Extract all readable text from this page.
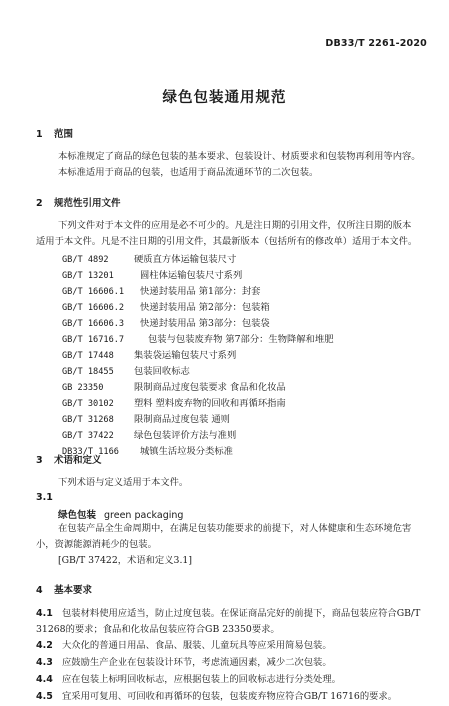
DB33/T 2261-2020
绿色包装通用规范
1 范围
本标准规定了商品的绿色包装的基本要求、包装设计、材质要求和包装物再利用等内容。
本标准适用于商品的包装，也适用于商品流通环节的二次包装。
2 规范性引用文件
下列文件对于本文件的应用是必不可少的。凡是注日期的引用文件，仅所注日期的版本
适用于本文件。凡是不注日期的引用文件，其最新版本（包括所有的修改单）适用于本文件。
GB/T 4892	硬质直方体运输包装尺寸
GB/T 13201	圆柱体运输包装尺寸系列
GB/T 16606.1 快递封装用品 第1部分：封套
GB/T 16606.2 快递封装用品 第2部分：包装箱
GB/T 16606.3 快递封装用品 第3部分：包装袋
GB/T 16716.7	包装与包装废弃物 第7部分：生物降解和堆肥
GB/T 17448 集装袋运输包装尺寸系列
GB/T 18455 包装回收标志
GB 23350	限制商品过度包装要求 食品和化妆品
GB/T 30102 塑料 塑料废弃物的回收和再循环指南
GB/T 31268 限制商品过度包装 通则
GB/T 37422 绿色包装评价方法与准则
DB33/T 1166 城镇生活垃圾分类标准
3 术语和定义
下列术语与定义适用于本文件。
3.1
绿色包装 green packaging
在包装产品全生命周期中，在满足包装功能要求的前提下，对人体健康和生态环境危害
小，资源能源消耗少的包装。
[GB/T 37422，术语和定义3.1]
4 基本要求
4.1 包装材料使用应适当，防止过度包装。在保证商品完好的前提下，商品包装应符合GB/T
31268的要求；食品和化妆品包装应符合GB 23350要求。
4.2 大众化的普通日用品、食品、服装、儿童玩具等应采用简易包装。
4.3 应鼓励生产企业在包装设计环节，考虑流通因素，减少二次包装。
4.4 应在包装上标明回收标志，应根据包装上的回收标志进行分类处理。
4.5 宜采用可复用、可回收和再循环的包装，包装废弃物应符合GB/T 16716的要求。
